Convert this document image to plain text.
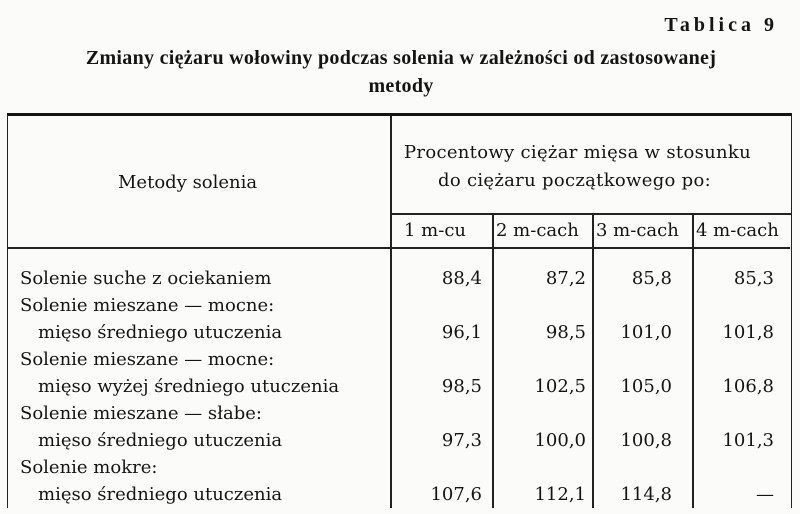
Tablica 9
Zmiany ciężaru wołowiny podczas solenia w zależności od zastosowanej
metody
Metody solenia
Procentowy ciężar mięsa w stosunku
do ciężaru początkowego po:
1 m-cu 2 m-cach 3 m-cach 4 m-cach
Solenie suche z ociekaniem	88,4	87,2	85,8	85,3
Solenie mieszane — mocne:
mięso średniego utuczenia	96,1	98,5	101,0	101,8
Solenie mieszane — mocne:
mięso wyżej średniego utuczenia	98,5	102,5	105,0	106,8
Solenie mieszane — słabe:
mięso średniego utuczenia	97,3	100,0	100,8	101,3
Solenie mokre:
mięso średniego utuczenia	107,6	112,1	114,8	—
